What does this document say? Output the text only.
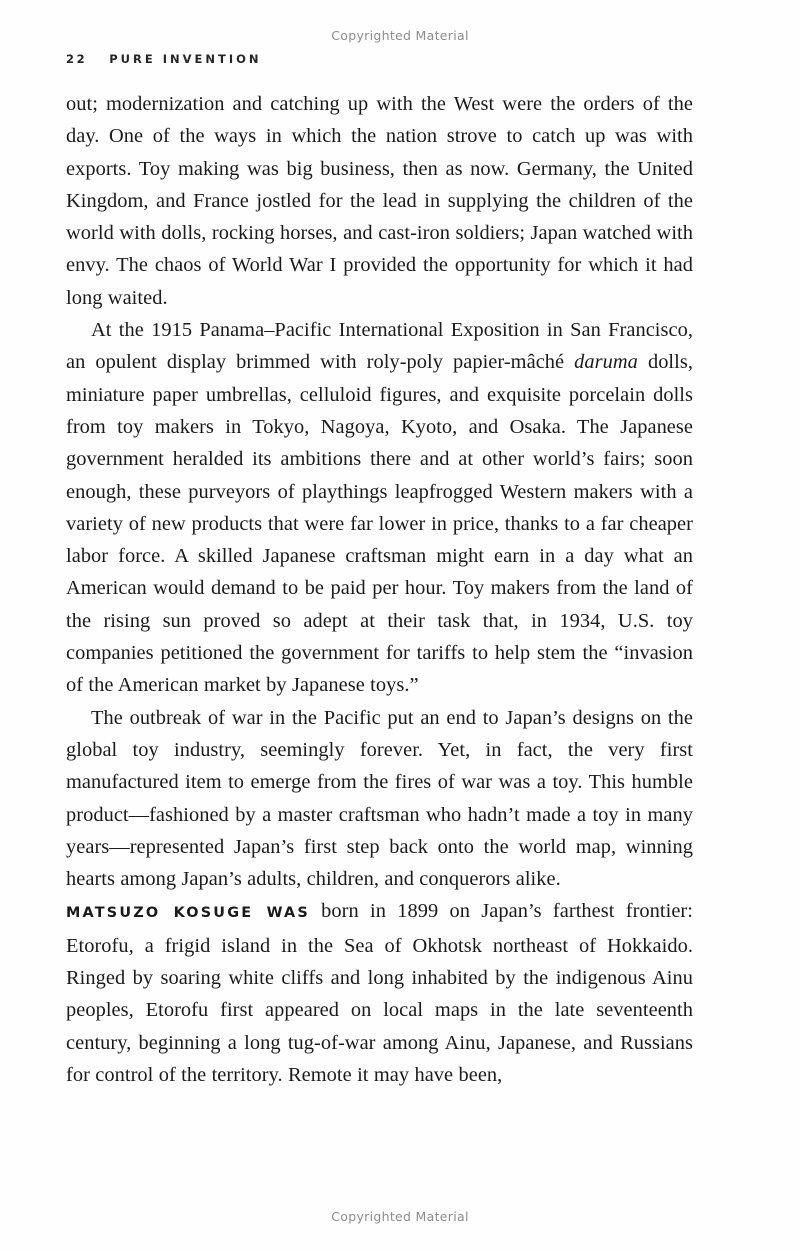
Copyrighted Material
22 PURE INVENTION

out; modernization and catching up with the West were the orders of the day. One of the ways in which the nation strove to catch up was with exports. Toy making was big business, then as now. Germany, the United Kingdom, and France jostled for the lead in supplying the children of the world with dolls, rocking horses, and cast-iron soldiers; Japan watched with envy. The chaos of World War I provided the opportunity for which it had long waited.

At the 1915 Panama–Pacific International Exposition in San Francisco, an opulent display brimmed with roly-poly papier-mâché daruma dolls, miniature paper umbrellas, celluloid figures, and exquisite porcelain dolls from toy makers in Tokyo, Nagoya, Kyoto, and Osaka. The Japanese government heralded its ambitions there and at other world’s fairs; soon enough, these purveyors of playthings leapfrogged Western makers with a variety of new products that were far lower in price, thanks to a far cheaper labor force. A skilled Japanese craftsman might earn in a day what an American would demand to be paid per hour. Toy makers from the land of the rising sun proved so adept at their task that, in 1934, U.S. toy companies petitioned the government for tariffs to help stem the “invasion of the American market by Japanese toys.”

The outbreak of war in the Pacific put an end to Japan’s designs on the global toy industry, seemingly forever. Yet, in fact, the very first manufactured item to emerge from the fires of war was a toy. This humble product—fashioned by a master craftsman who hadn’t made a toy in many years—represented Japan’s first step back onto the world map, winning hearts among Japan’s adults, children, and conquerors alike.

MATSUZO KOSUGE WAS born in 1899 on Japan’s farthest frontier: Etorofu, a frigid island in the Sea of Okhotsk northeast of Hokkaido. Ringed by soaring white cliffs and long inhabited by the indigenous Ainu peoples, Etorofu first appeared on local maps in the late seventeenth century, beginning a long tug-of-war among Ainu, Japanese, and Russians for control of the territory. Remote it may have been,

Copyrighted Material
